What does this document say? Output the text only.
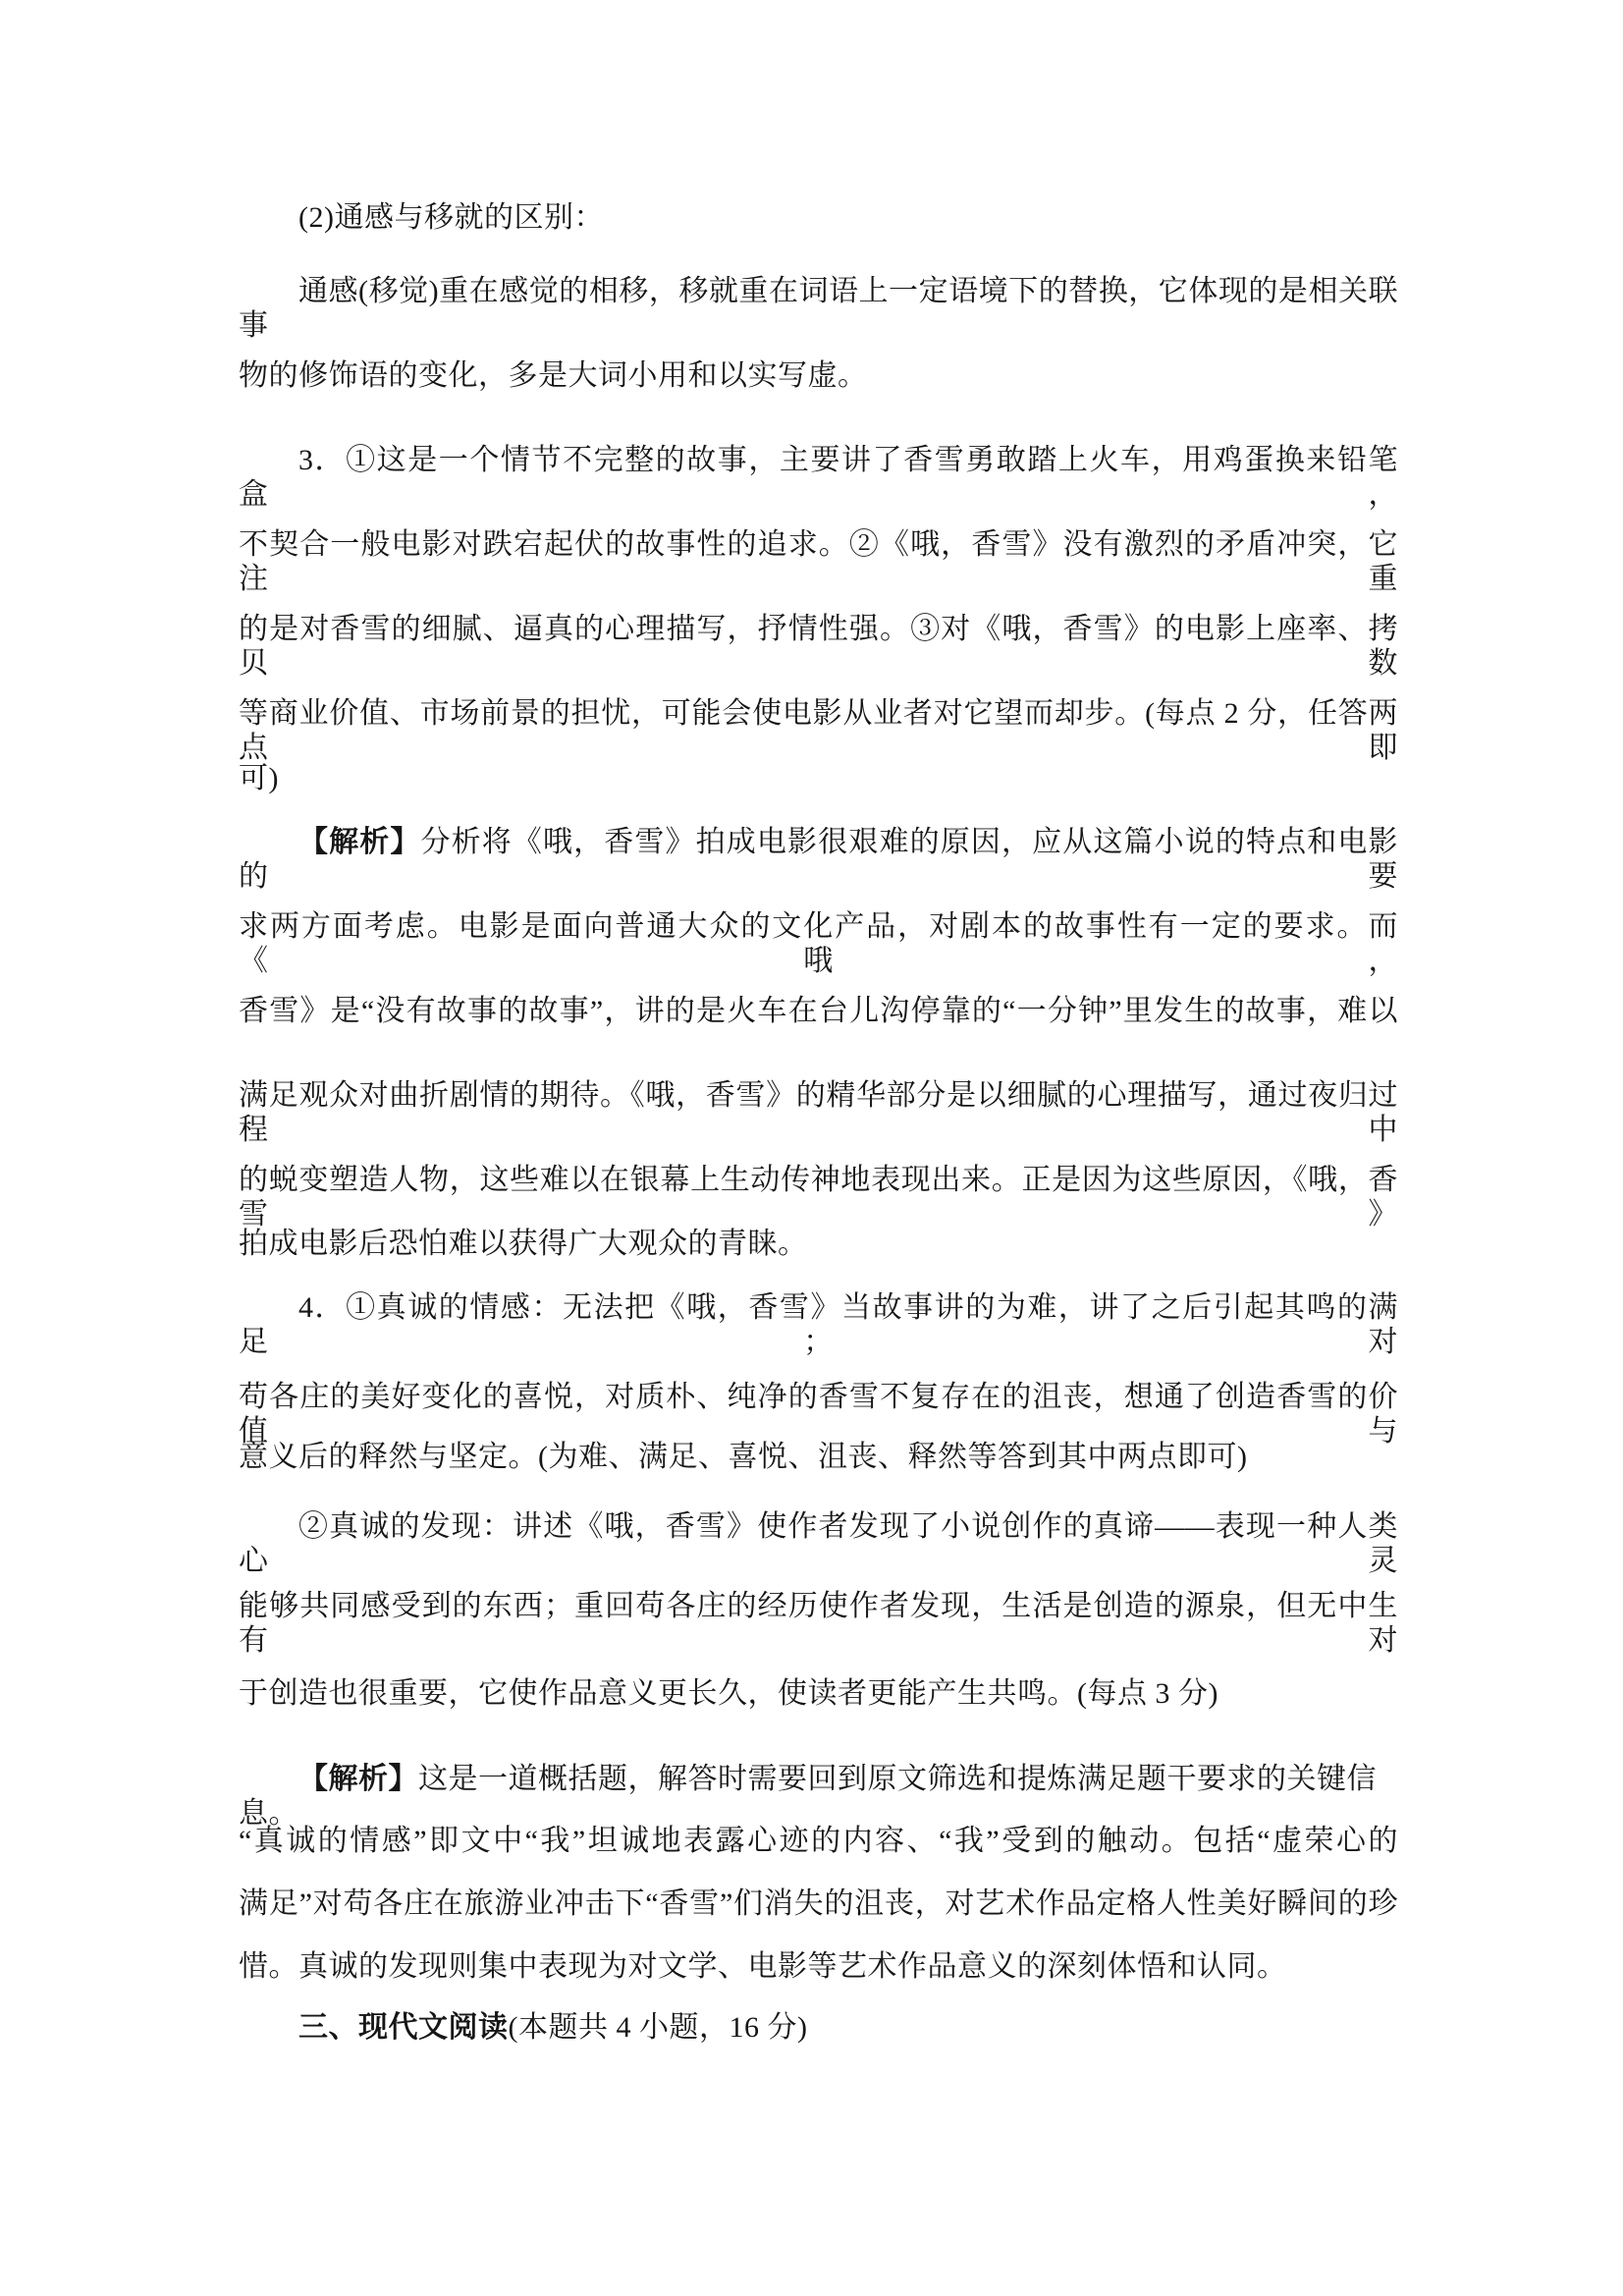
(2)通感与移就的区别：
通感(移觉)重在感觉的相移，移就重在词语上一定语境下的替换，它体现的是相关联事
物的修饰语的变化，多是大词小用和以实写虚。
3．①这是一个情节不完整的故事，主要讲了香雪勇敢踏上火车，用鸡蛋换来铅笔盒，
不契合一般电影对跌宕起伏的故事性的追求。②《哦，香雪》没有激烈的矛盾冲突，它注重
的是对香雪的细腻、逼真的心理描写，抒情性强。③对《哦，香雪》的电影上座率、拷贝数
等商业价值、市场前景的担忧，可能会使电影从业者对它望而却步。(每点 2 分，任答两点即
可)
【解析】分析将《哦，香雪》拍成电影很艰难的原因，应从这篇小说的特点和电影的要
求两方面考虑。电影是面向普通大众的文化产品，对剧本的故事性有一定的要求。而《哦，
香雪》是“没有故事的故事”，讲的是火车在台儿沟停靠的“一分钟”里发生的故事，难以
满足观众对曲折剧情的期待。《哦，香雪》的精华部分是以细腻的心理描写，通过夜归过程中
的蜕变塑造人物，这些难以在银幕上生动传神地表现出来。正是因为这些原因，《哦，香雪》
拍成电影后恐怕难以获得广大观众的青睐。
4．①真诚的情感：无法把《哦，香雪》当故事讲的为难，讲了之后引起其鸣的满足；对
苟各庄的美好变化的喜悦，对质朴、纯净的香雪不复存在的沮丧，想通了创造香雪的价值与
意义后的释然与坚定。(为难、满足、喜悦、沮丧、释然等答到其中两点即可)
②真诚的发现：讲述《哦，香雪》使作者发现了小说创作的真谛——表现一种人类心灵
能够共同感受到的东西；重回苟各庄的经历使作者发现，生活是创造的源泉，但无中生有对
于创造也很重要，它使作品意义更长久，使读者更能产生共鸣。(每点 3 分)
【解析】这是一道概括题，解答时需要回到原文筛选和提炼满足题干要求的关键信息。
“真诚的情感”即文中“我”坦诚地表露心迹的内容、“我”受到的触动。包括“虚荣心的
满足”对苟各庄在旅游业冲击下“香雪”们消失的沮丧，对艺术作品定格人性美好瞬间的珍
惜。真诚的发现则集中表现为对文学、电影等艺术作品意义的深刻体悟和认同。
三、现代文阅读(本题共 4 小题，16 分)
